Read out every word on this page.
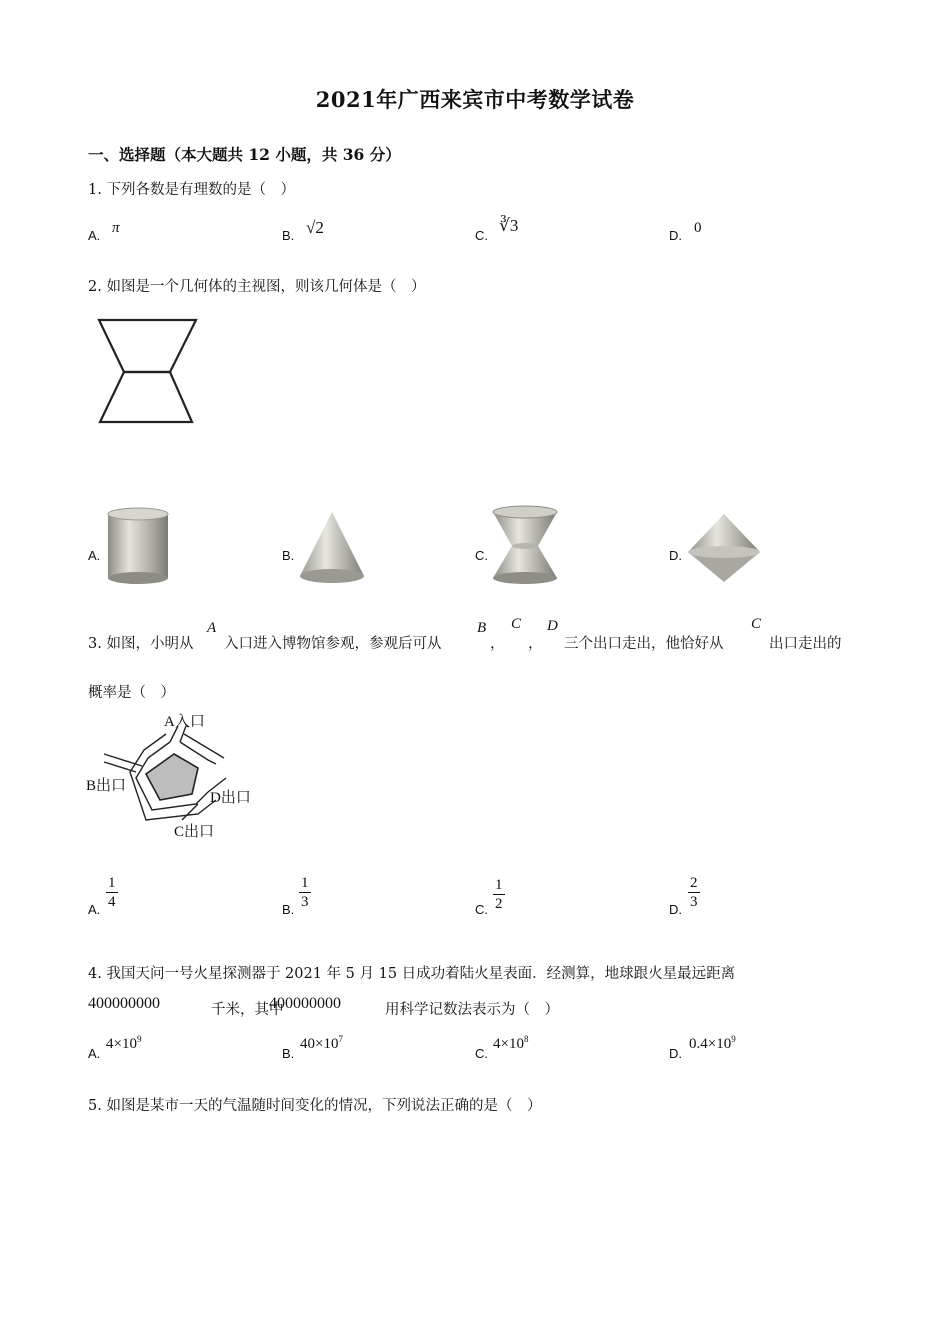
2021年广西来宾市中考数学试卷
一、选择题（本大题共 12 小题，共 36 分）
1. 下列各数是有理数的是（　）
A. π	B. √2	C.
∛3
D. 0
2. 如图是一个几何体的主视图，则该几何体是（　）
A.	B.	C.	D.
3. 如图，小明从
A
入口进入博物馆参观，参观后可从
B
，
C
，
D
三个出口走出，他恰好从
C
出口走出的
概率是（　）
A入口
B出口
D出口
C出口
A. $\frac{1}{4}$	B. $\frac{1}{3}$	C. $\frac{1}{2}$	D. $\frac{2}{3}$
4. 我国天问一号火星探测器于 2021 年 5 月 15 日成功着陆火星表面．经测算，地球跟火星最远距离
400000000	千米，其中
400000000	用科学记数法表示为（　）
A.
$4\times 10^9$
B.
$40\times 10^7$
C.
$4\times 10^8$
D.
$0.4\times 10^9$
5. 如图是某市一天的气温随时间变化的情况，下列说法正确的是（　）
